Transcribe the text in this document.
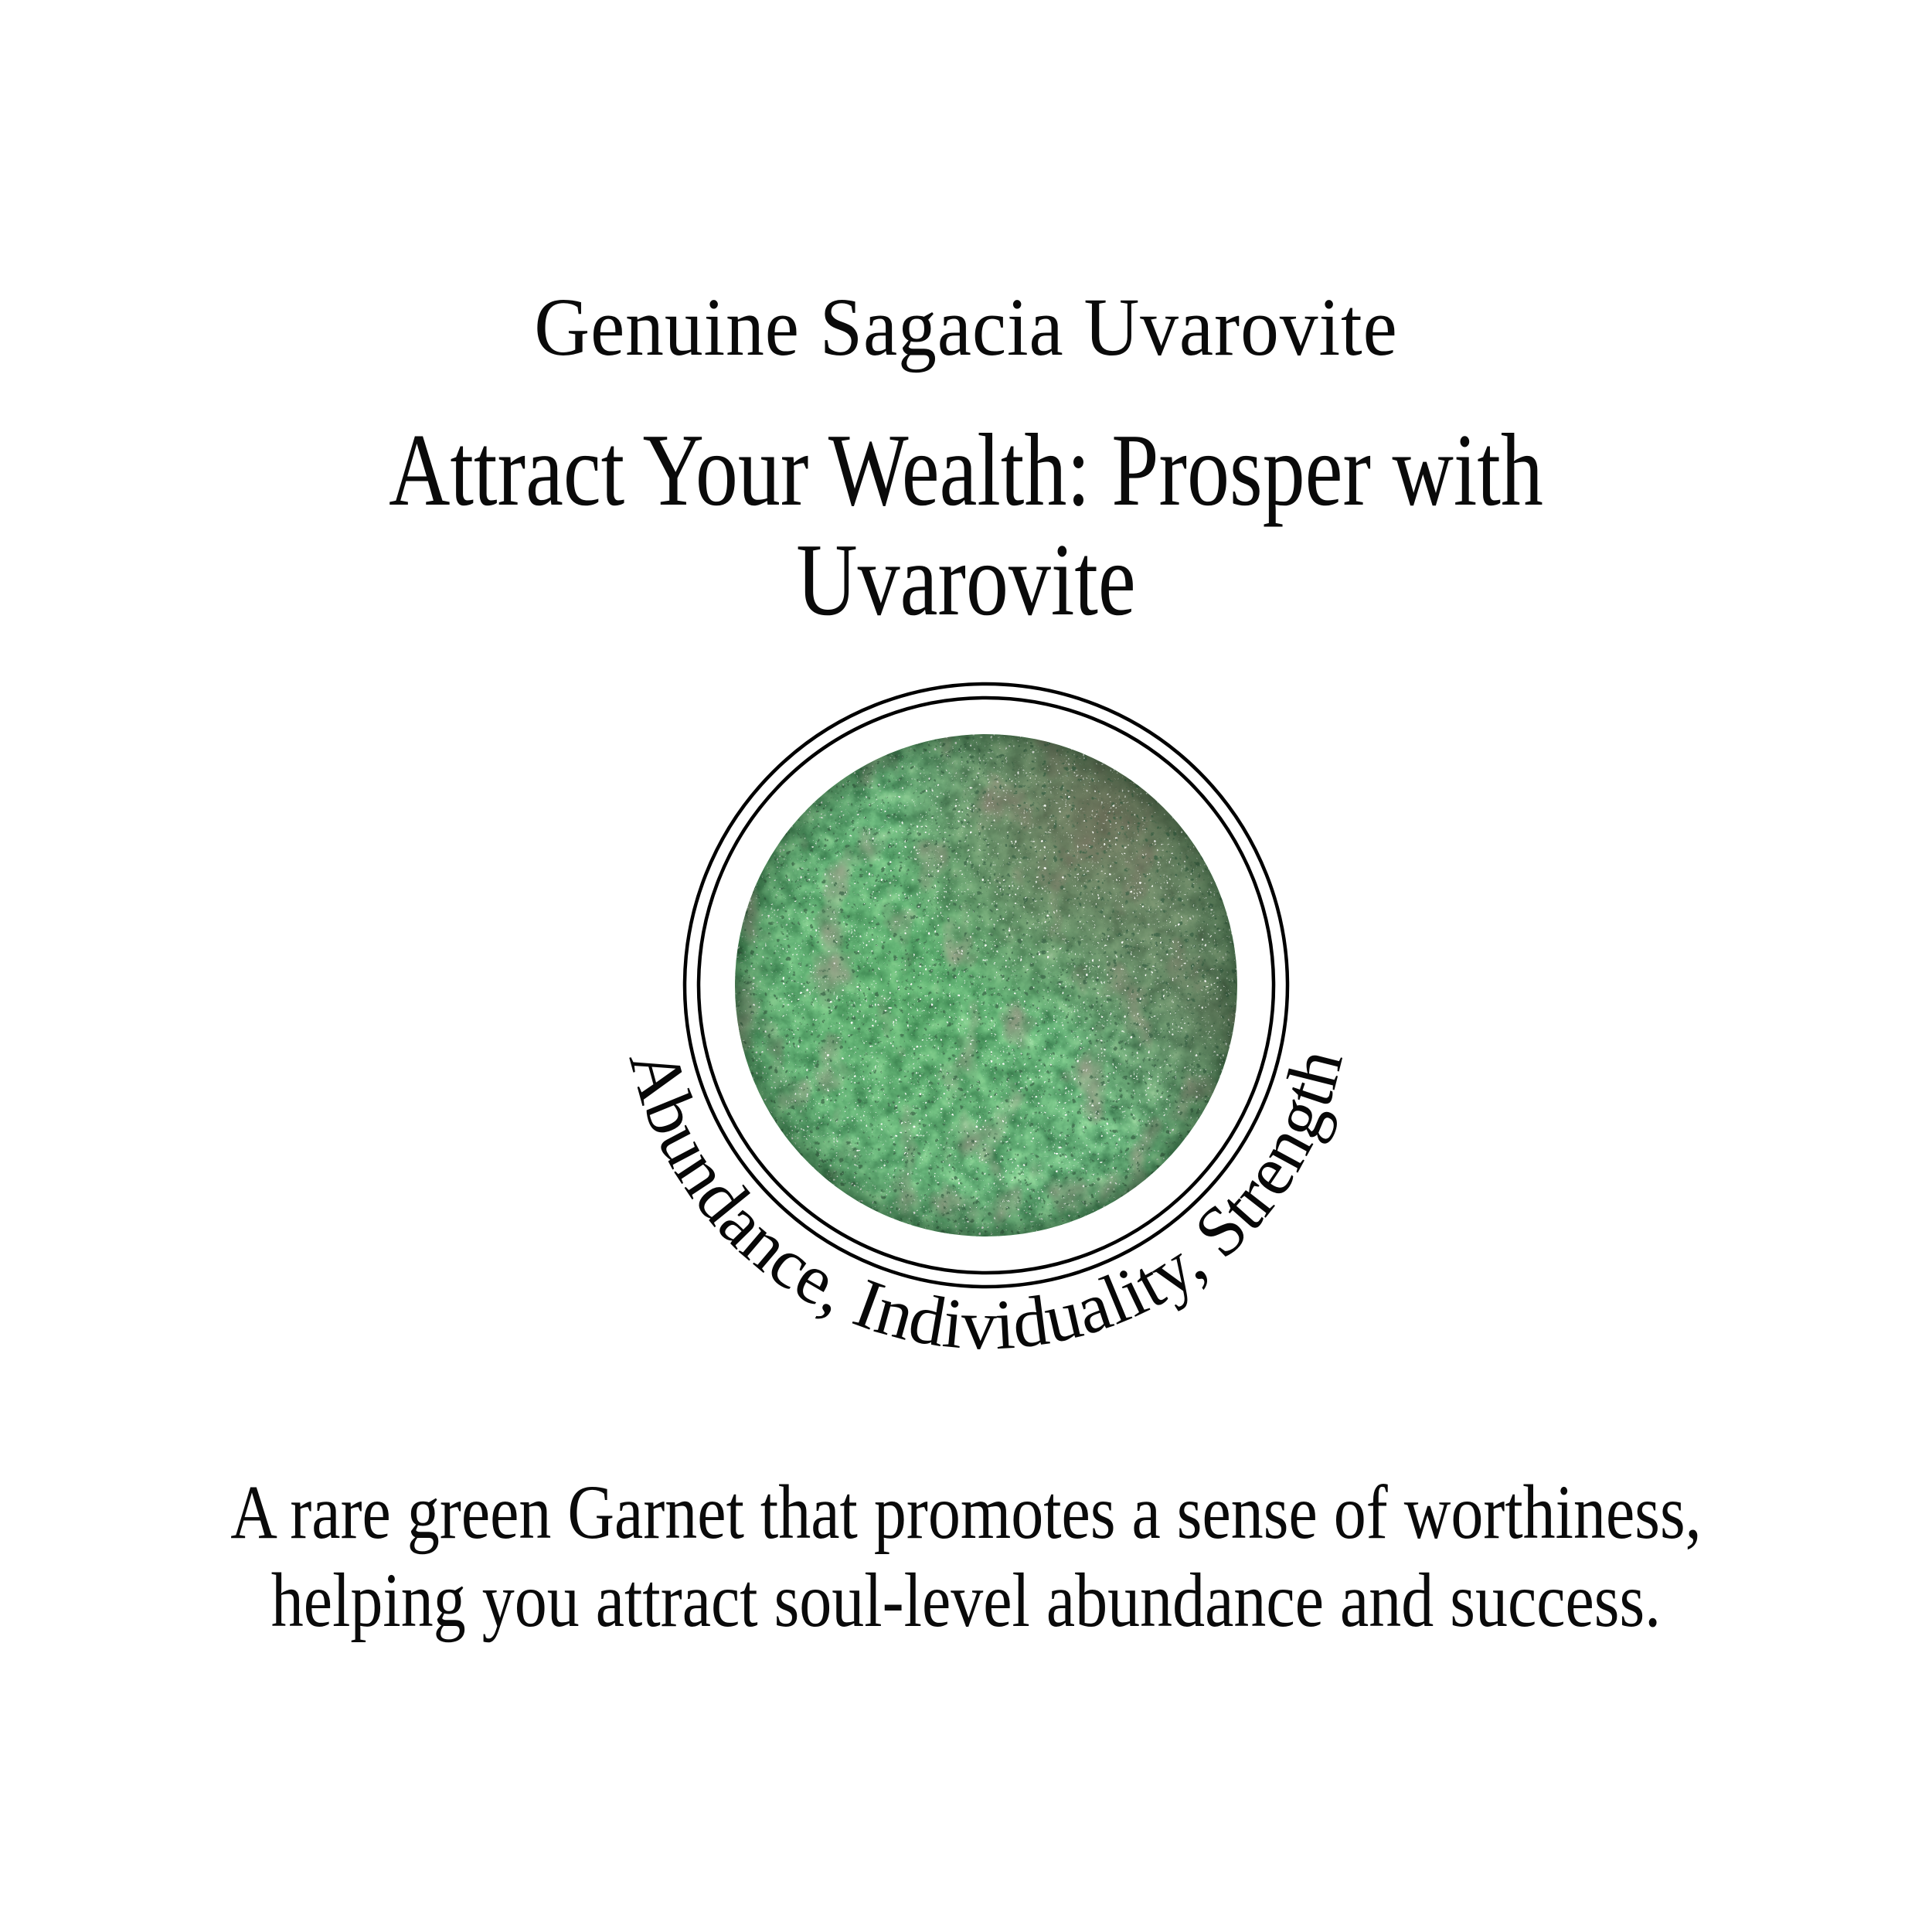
Genuine Sagacia Uvarovite
Attract Your Wealth: Prosper with
Uvarovite
Abundance, Individuality, Strength
A rare green Garnet that promotes a sense of worthiness,
helping you attract soul-level abundance and success.
